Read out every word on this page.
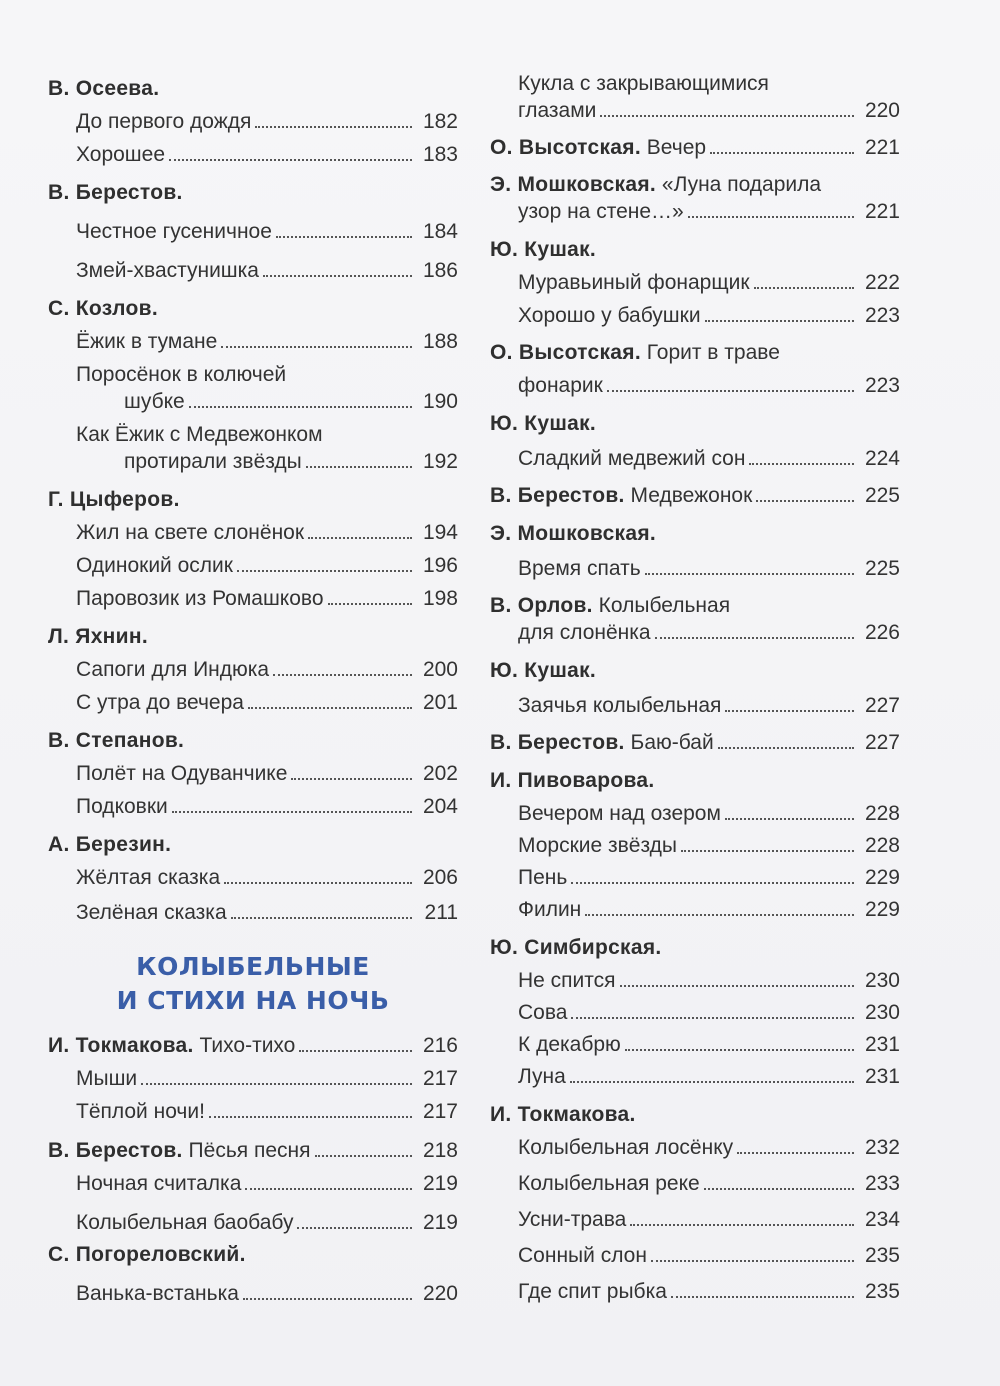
В. Осеева.
До первого дождя	182
Хорошее	183
В. Берестов.
Честное гусеничное	184
Змей-хвастунишка	186
С. Козлов.
Ёжик в тумане	188
Поросёнок в колючей
шубке	190
Как Ёжик с Медвежонком
протирали звёзды	192
Г. Цыферов.
Жил на свете слонёнок	194
Одинокий ослик	196
Паровозик из Ромашково	198
Л. Яхнин.
Сапоги для Индюка	200
С утра до вечера	201
В. Степанов.
Полёт на Одуванчике	202
Подковки	204
А. Березин.
Жёлтая сказка	206
Зелёная сказка	211
КОЛЫБЕЛЬНЫЕ
И СТИХИ НА НОЧЬ
И. Токмакова.
Тихо-тихо	216
Мыши	217
Тёплой ночи!	217
В. Берестов.
Пёсья песня	218
Ночная считалка	219
Колыбельная баобабу	219
С. Погореловский.
Ванька-встанька	220
Кукла с закрывающимися
глазами	220
О. Высотская.
Вечер	221
Э. Мошковская. «Луна подарила
узор на стене…»	221
Ю. Кушак.
Муравьиный фонарщик	222
Хорошо у бабушки	223
О. Высотская. Горит в траве
фонарик	223
Ю. Кушак.
Сладкий медвежий сон	224
В. Берестов.
Медвежонок	225
Э. Мошковская.
Время спать	225
В. Орлов. Колыбельная
для слонёнка	226
Ю. Кушак.
Заячья колыбельная	227
В. Берестов.
Баю-бай	227
И. Пивоварова.
Вечером над озером	228
Морские звёзды	228
Пень	229
Филин	229
Ю. Симбирская.
Не спится	230
Сова	230
К декабрю	231
Луна	231
И. Токмакова.
Колыбельная лосёнку	232
Колыбельная реке	233
Усни-трава	234
Сонный слон	235
Где спит рыбка	235
